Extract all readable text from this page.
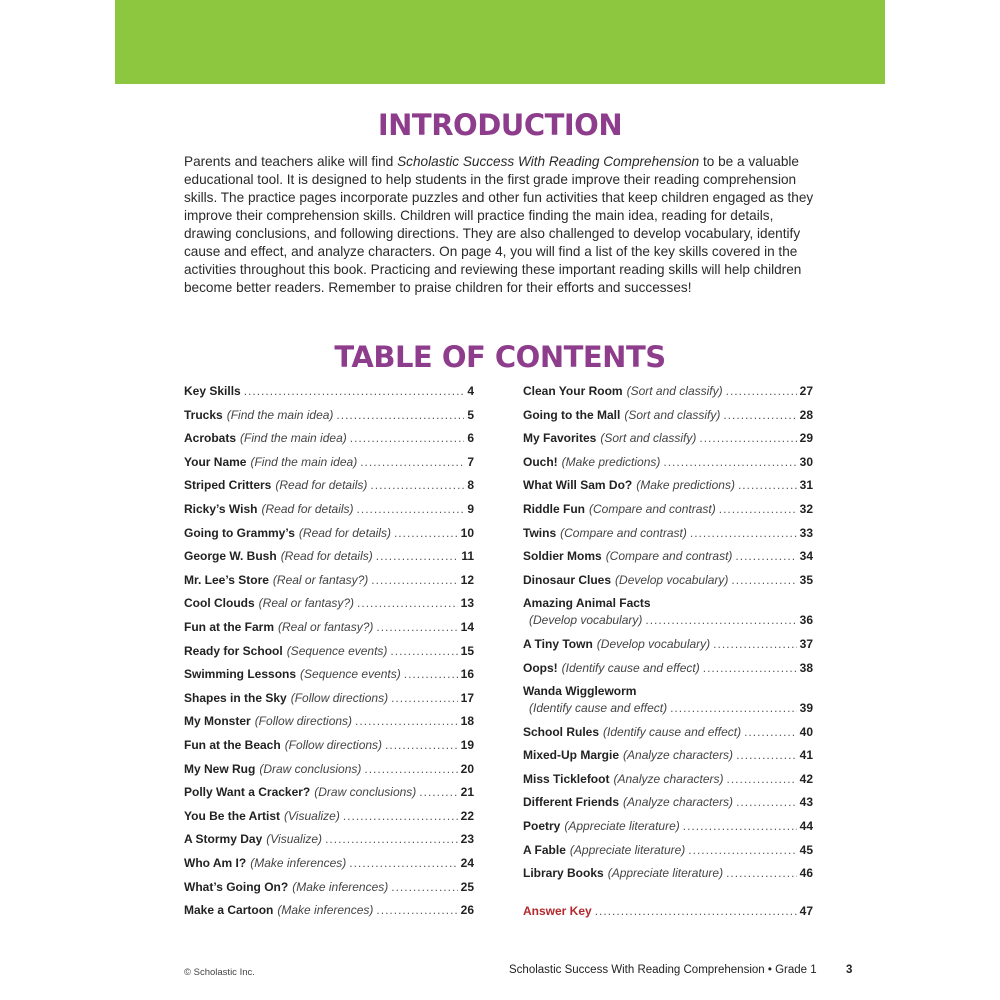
INTRODUCTION

Parents and teachers alike will find Scholastic Success With Reading Comprehension to be a valuable educational tool. It is designed to help students in the first grade improve their reading comprehension skills. The practice pages incorporate puzzles and other fun activities that keep children engaged as they improve their comprehension skills. Children will practice finding the main idea, reading for details, drawing conclusions, and following directions. They are also challenged to develop vocabulary, identify cause and effect, and analyze characters. On page 4, you will find a list of the key skills covered in the activities throughout this book. Practicing and reviewing these important reading skills will help children become better readers. Remember to praise children for their efforts and successes!

TABLE OF CONTENTS
Key Skills .....	4
Trucks (Find the main idea) .....	5
Acrobats (Find the main idea) .....	6
Your Name (Find the main idea) .....	7
Striped Critters (Read for details) .....	8
Ricky’s Wish (Read for details) .....	9
Going to Grammy’s (Read for details) .....	10
George W. Bush (Read for details) .....	11
Mr. Lee’s Store (Real or fantasy?) .....	12
Cool Clouds (Real or fantasy?) .....	13
Fun at the Farm (Real or fantasy?) .....	14
Ready for School (Sequence events) .....	15
Swimming Lessons (Sequence events) .....	16
Shapes in the Sky (Follow directions) .....	17
My Monster (Follow directions) .....	18
Fun at the Beach (Follow directions) .....	19
My New Rug (Draw conclusions) .....	20
Polly Want a Cracker? (Draw conclusions) .....	21
You Be the Artist (Visualize) .....	22
A Stormy Day (Visualize) .....	23
Who Am I? (Make inferences) .....	24
What’s Going On? (Make inferences) .....	25
Make a Cartoon (Make inferences) .....	26
Clean Your Room (Sort and classify) .....	27
Going to the Mall (Sort and classify) .....	28
My Favorites (Sort and classify) .....	29
Ouch! (Make predictions) .....	30
What Will Sam Do? (Make predictions) .....	31
Riddle Fun (Compare and contrast) .....	32
Twins (Compare and contrast) .....	33
Soldier Moms (Compare and contrast) .....	34
Dinosaur Clues (Develop vocabulary) .....	35
Amazing Animal Facts
(Develop vocabulary) .....	36
A Tiny Town (Develop vocabulary) .....	37
Oops! (Identify cause and effect) .....	38
Wanda Wiggleworm
(Identify cause and effect) .....	39
School Rules (Identify cause and effect) .....	40
Mixed-Up Margie (Analyze characters) .....	41
Miss Ticklefoot (Analyze characters) .....	42
Different Friends (Analyze characters) .....	43
Poetry (Appreciate literature) .....	44
A Fable (Appreciate literature) .....	45
Library Books (Appreciate literature) .....	46
Answer Key .....	47
© Scholastic Inc.	Scholastic Success With Reading Comprehension • Grade 1	3
